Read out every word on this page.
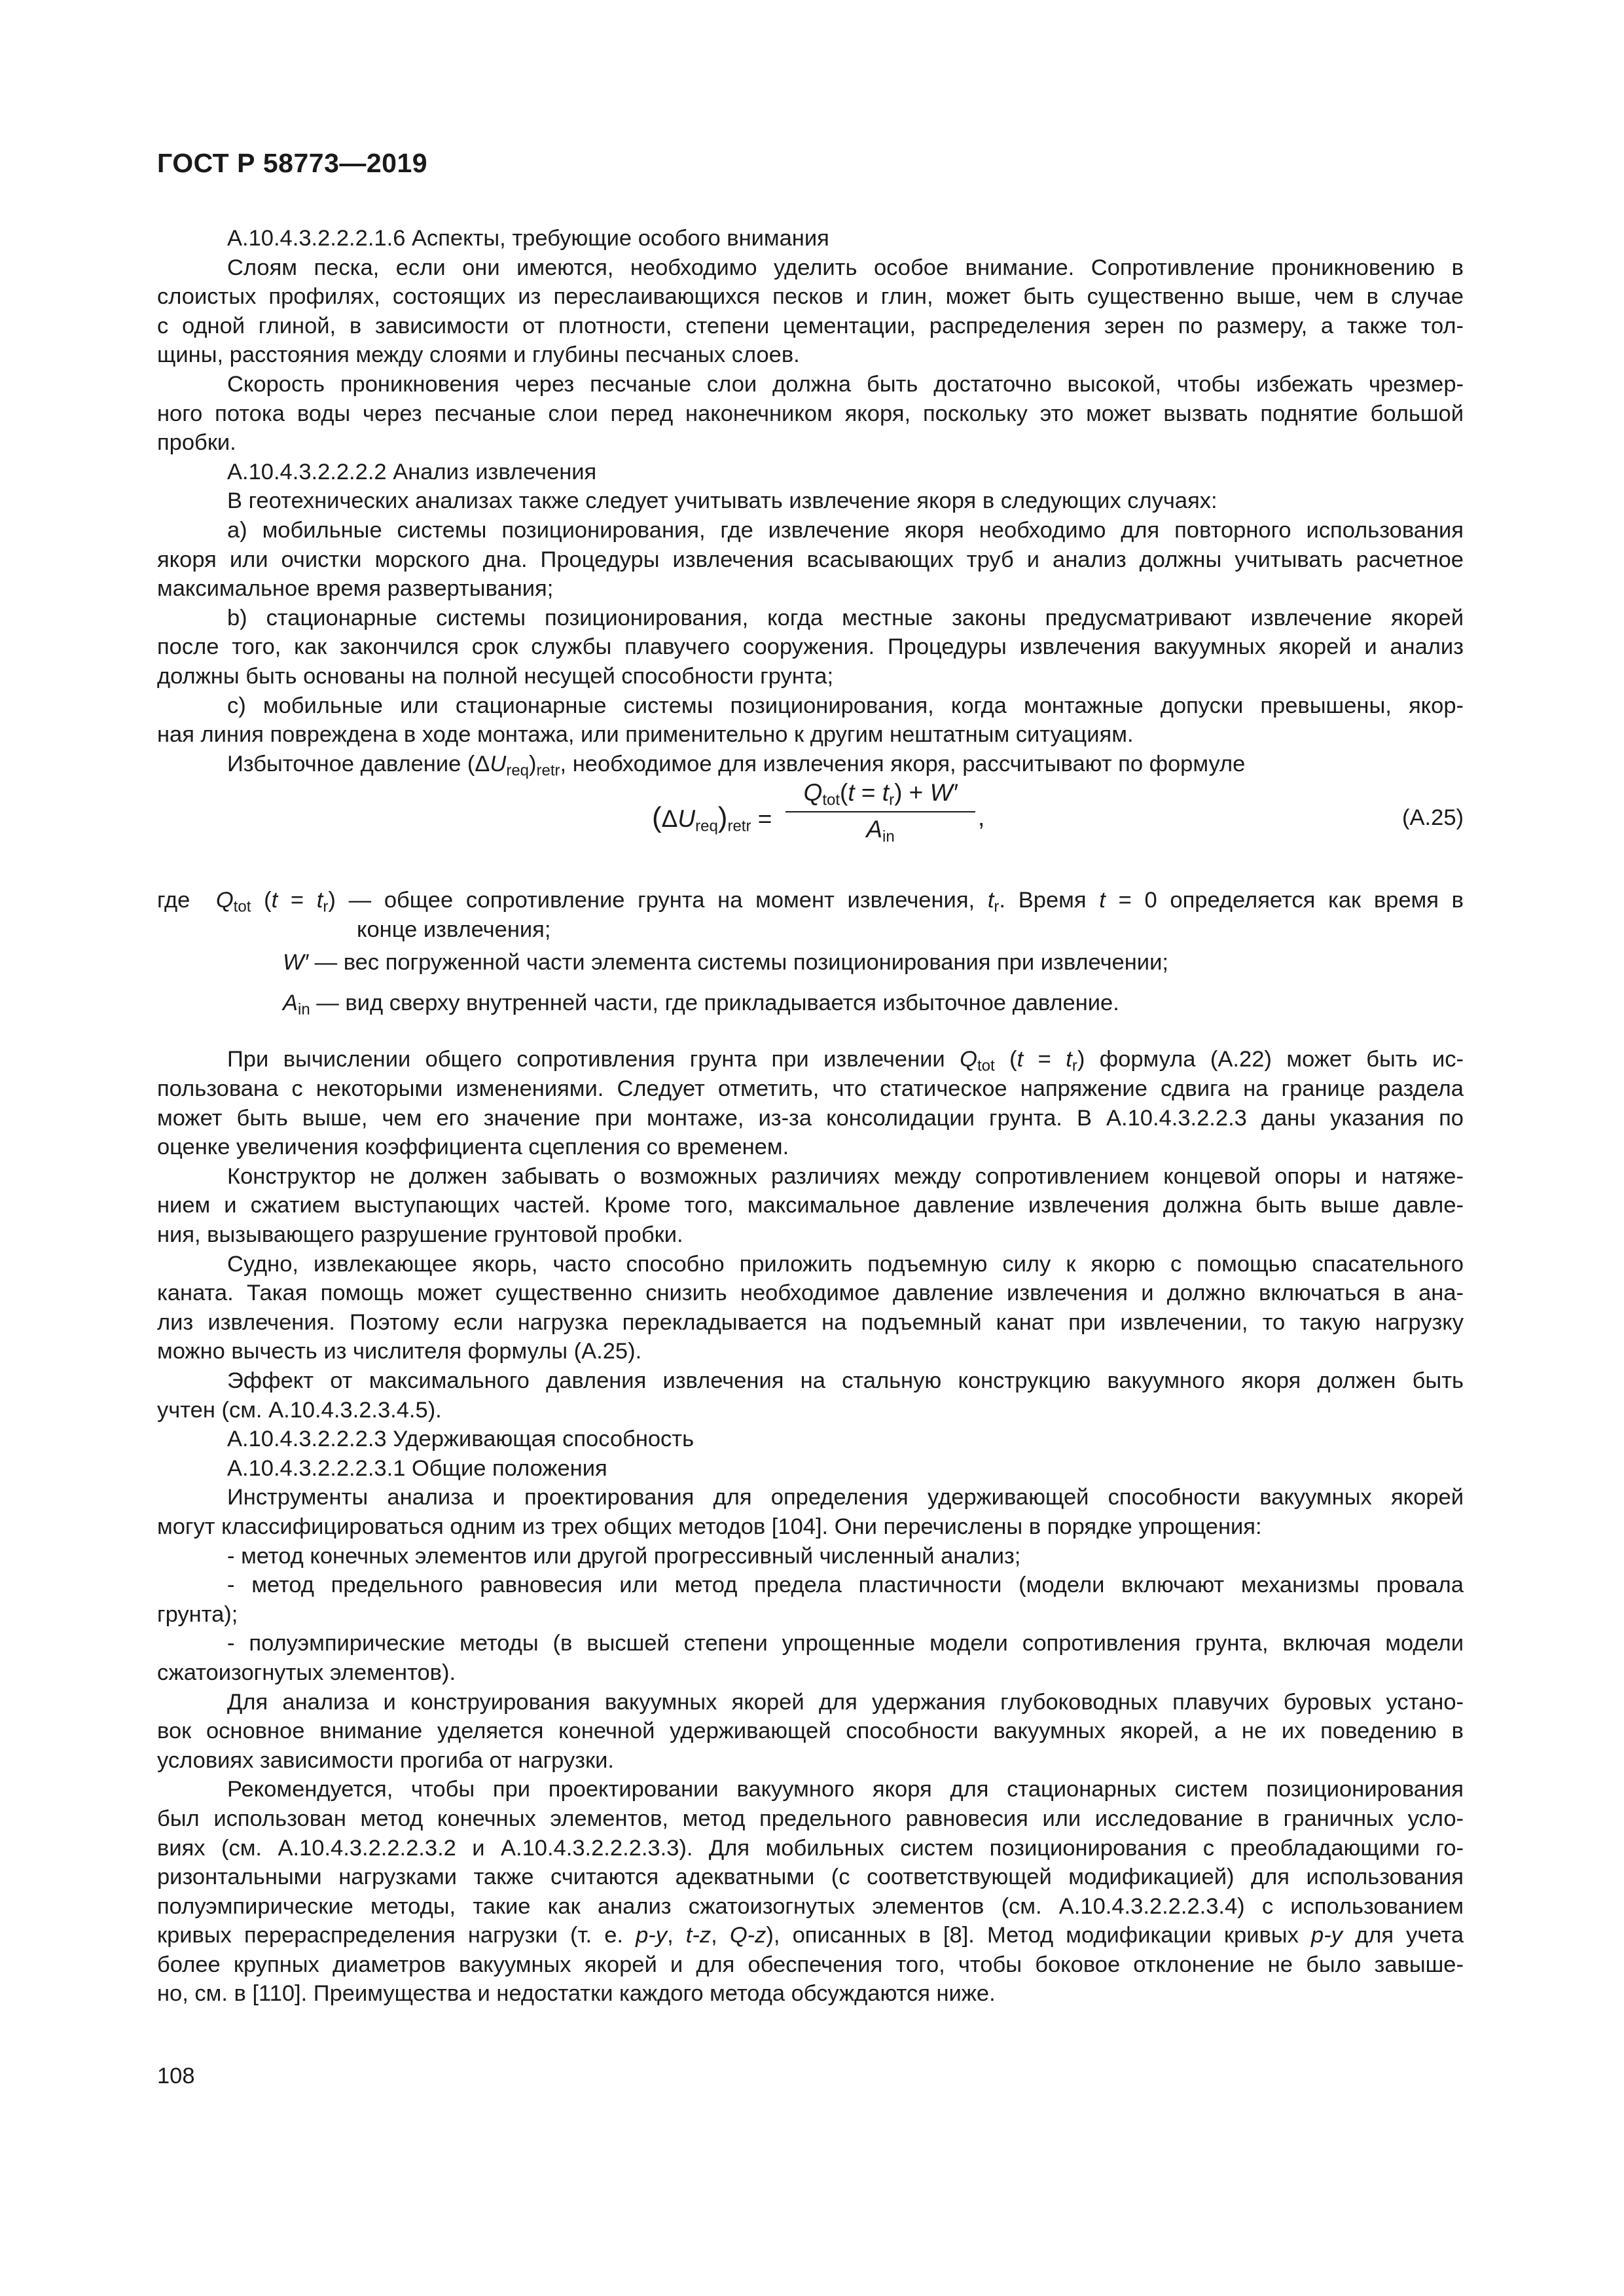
ГОСТ Р 58773—2019
А.10.4.3.2.2.2.1.6 Аспекты, требующие особого внимания
Слоям песка, если они имеются, необходимо уделить особое внимание. Сопротивление проникновению в
слоистых профилях, состоящих из переслаивающихся песков и глин, может быть существенно выше, чем в случае
с одной глиной, в зависимости от плотности, степени цементации, распределения зерен по размеру, а также тол-
щины, расстояния между слоями и глубины песчаных слоев.
Скорость проникновения через песчаные слои должна быть достаточно высокой, чтобы избежать чрезмер-
ного потока воды через песчаные слои перед наконечником якоря, поскольку это может вызвать поднятие большой
пробки.
А.10.4.3.2.2.2.2 Анализ извлечения
В геотехнических анализах также следует учитывать извлечение якоря в следующих случаях:
а) мобильные системы позиционирования, где извлечение якоря необходимо для повторного использования
якоря или очистки морского дна. Процедуры извлечения всасывающих труб и анализ должны учитывать расчетное
максимальное время развертывания;
b) стационарные системы позиционирования, когда местные законы предусматривают извлечение якорей
после того, как закончился срок службы плавучего сооружения. Процедуры извлечения вакуумных якорей и анализ
должны быть основаны на полной несущей способности грунта;
с) мобильные или стационарные системы позиционирования, когда монтажные допуски превышены, якор-
ная линия повреждена в ходе монтажа, или применительно к другим нештатным ситуациям.
Избыточное давление $(\Delta U_{req})_{retr}$, необходимое для извлечения якоря, рассчитывают по формуле
(ΔUreq)retr =
Qtot(t = tr) + W′
Ain
,	(А.25)
где $Q_{tot}$ $(t = t_r)$ — общее сопротивление грунта на момент извлечения, $t_r$. Время t = 0 определяется как время в
конце извлечения;
W′ — вес погруженной части элемента системы позиционирования при извлечении;
$A_{in}$ — вид сверху внутренней части, где прикладывается избыточное давление.
При вычислении общего сопротивления грунта при извлечении $Q_{tot}$ $(t = t_r)$ формула (А.22) может быть ис-
пользована с некоторыми изменениями. Следует отметить, что статическое напряжение сдвига на границе раздела
может быть выше, чем его значение при монтаже, из-за консолидации грунта. В А.10.4.3.2.2.3 даны указания по
оценке увеличения коэффициента сцепления со временем.
Конструктор не должен забывать о возможных различиях между сопротивлением концевой опоры и натяже-
нием и сжатием выступающих частей. Кроме того, максимальное давление извлечения должна быть выше давле-
ния, вызывающего разрушение грунтовой пробки.
Судно, извлекающее якорь, часто способно приложить подъемную силу к якорю с помощью спасательного
каната. Такая помощь может существенно снизить необходимое давление извлечения и должно включаться в ана-
лиз извлечения. Поэтому если нагрузка перекладывается на подъемный канат при извлечении, то такую нагрузку
можно вычесть из числителя формулы (А.25).
Эффект от максимального давления извлечения на стальную конструкцию вакуумного якоря должен быть
учтен (см. А.10.4.3.2.3.4.5).
А.10.4.3.2.2.2.3 Удерживающая способность
А.10.4.3.2.2.2.3.1 Общие положения
Инструменты анализа и проектирования для определения удерживающей способности вакуумных якорей
могут классифицироваться одним из трех общих методов [104]. Они перечислены в порядке упрощения:
- метод конечных элементов или другой прогрессивный численный анализ;
- метод предельного равновесия или метод предела пластичности (модели включают механизмы провала
грунта);
- полуэмпирические методы (в высшей степени упрощенные модели сопротивления грунта, включая модели
сжатоизогнутых элементов).
Для анализа и конструирования вакуумных якорей для удержания глубоководных плавучих буровых устано-
вок основное внимание уделяется конечной удерживающей способности вакуумных якорей, а не их поведению в
условиях зависимости прогиба от нагрузки.
Рекомендуется, чтобы при проектировании вакуумного якоря для стационарных систем позиционирования
был использован метод конечных элементов, метод предельного равновесия или исследование в граничных усло-
виях (см. А.10.4.3.2.2.2.3.2 и А.10.4.3.2.2.2.3.3). Для мобильных систем позиционирования с преобладающими го-
ризонтальными нагрузками также считаются адекватными (с соответствующей модификацией) для использования
полуэмпирические методы, такие как анализ сжатоизогнутых элементов (см. А.10.4.3.2.2.2.3.4) с использованием
кривых перераспределения нагрузки (т. е. p-y, t-z, Q-z), описанных в [8]. Метод модификации кривых p-y для учета
более крупных диаметров вакуумных якорей и для обеспечения того, чтобы боковое отклонение не было завыше-
но, см. в [110]. Преимущества и недостатки каждого метода обсуждаются ниже.
108
